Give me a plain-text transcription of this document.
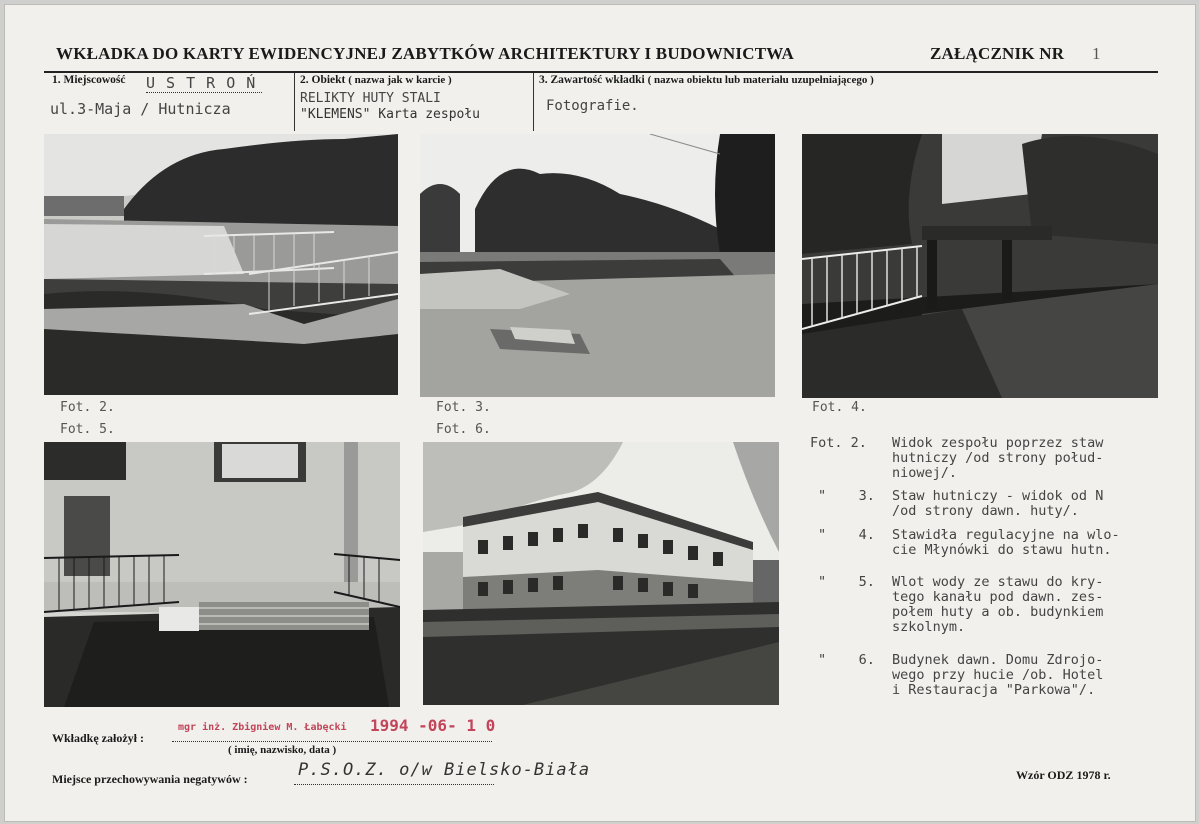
WKŁADKA DO KARTY EWIDENCYJNEJ ZABYTKÓW ARCHITEKTURY I BUDOWNICTWA	ZAŁĄCZNIK NR 1
1. Miejscowość U S T R O Ń
ul.3-Maja / Hutnicza
2. Obiekt ( nazwa jak w karcie )
RELIKTY HUTY STALI
"KLEMENS" Karta zespołu
3. Zawartość wkładki ( nazwa obiektu lub materiału uzupełniającego )
Fotografie.
Fot. 2.	Fot. 3.	Fot. 4.
Fot. 5.	Fot. 6.
Fot. 2. Widok zespołu poprzez staw
hutniczy /od strony połud-
niowej/.
"    3. Staw hutniczy - widok od N
/od strony dawn. huty/.
"    4. Stawidła regulacyjne na wlo-
cie Młynówki do stawu hutn.
"    5. Wlot wody ze stawu do kry-
tego kanału pod dawn. zes-
połem huty a ob. budynkiem
szkolnym.
"    6. Budynek dawn. Domu Zdrojo-
wego przy hucie /ob. Hotel
i Restauracja "Parkowa"/.
Wkładkę założył :
mgr inż. Zbigniew M. Łabęcki 1994 -06- 1 0
( imię, nazwisko, data )
Miejsce przechowywania negatywów :	P.S.O.Z. o/w Bielsko-Biała	Wzór ODZ 1978 r.
